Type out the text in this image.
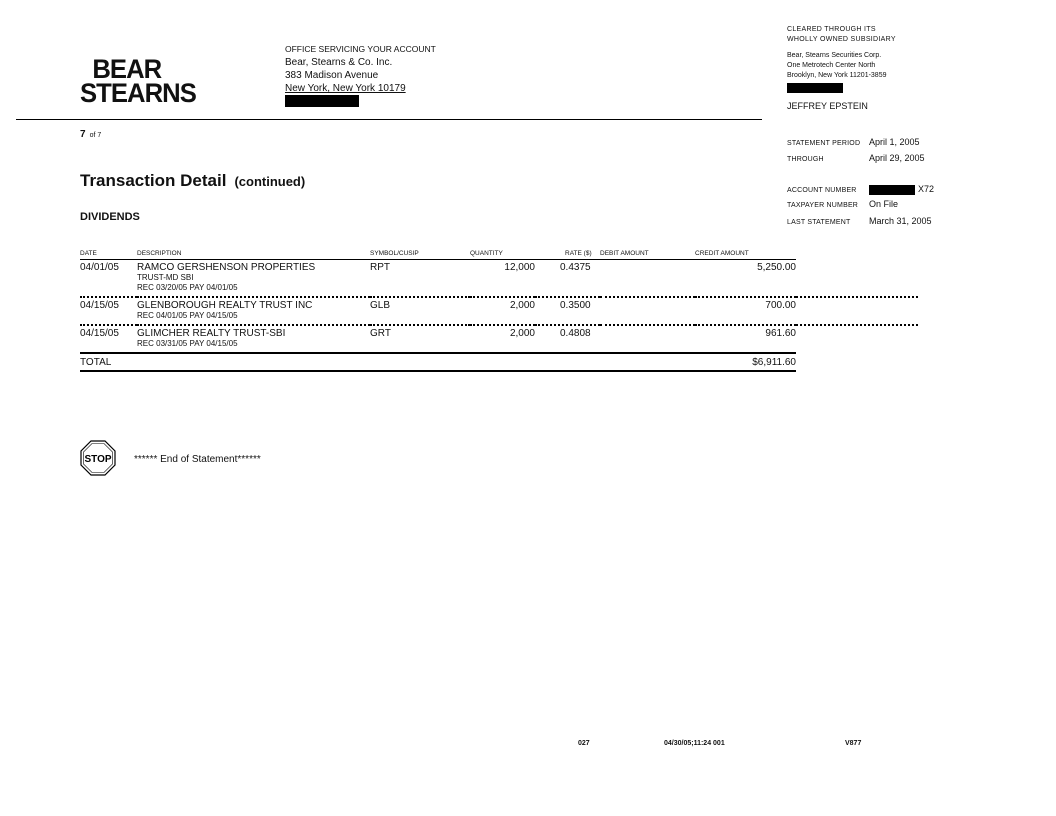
BEAR
STEARNS
OFFICE SERVICING YOUR ACCOUNT
Bear, Stearns & Co. Inc.
383 Madison Avenue
New York, New York 10179
CLEARED THROUGH ITS
WHOLLY OWNED SUBSIDIARY
Bear, Stearns Securities Corp.
One Metrotech Center North
Brooklyn, New York 11201-3859
JEFFREY EPSTEIN
7 of 7
STATEMENT PERIOD April 1, 2005
THROUGH	April 29, 2005
ACCOUNT NUMBER	X72
TAXPAYER NUMBER On File
LAST STATEMENT March 31, 2005
Transaction Detail (continued)
DIVIDENDS
DATE	DESCRIPTION	SYMBOL/CUSIP	QUANTITY	RATE ($)	DEBIT AMOUNT	CREDIT AMOUNT	
04/01/05	RAMCO GERSHENSON PROPERTIES
TRUST-MD SBI
REC 03/20/05 PAY 04/01/05	RPT	12,000	0.4375		5,250.00	
04/15/05	GLENBOROUGH REALTY TRUST INC
REC 04/01/05 PAY 04/15/05	GLB	2,000	0.3500		700.00	
04/15/05	GLIMCHER REALTY TRUST-SBI
REC 03/31/05 PAY 04/15/05	GRT	2,000	0.4808		961.60	
TOTAL						$6,911.60	
STOP ****** End of Statement******
027	04/30/05;11:24 001	V877
